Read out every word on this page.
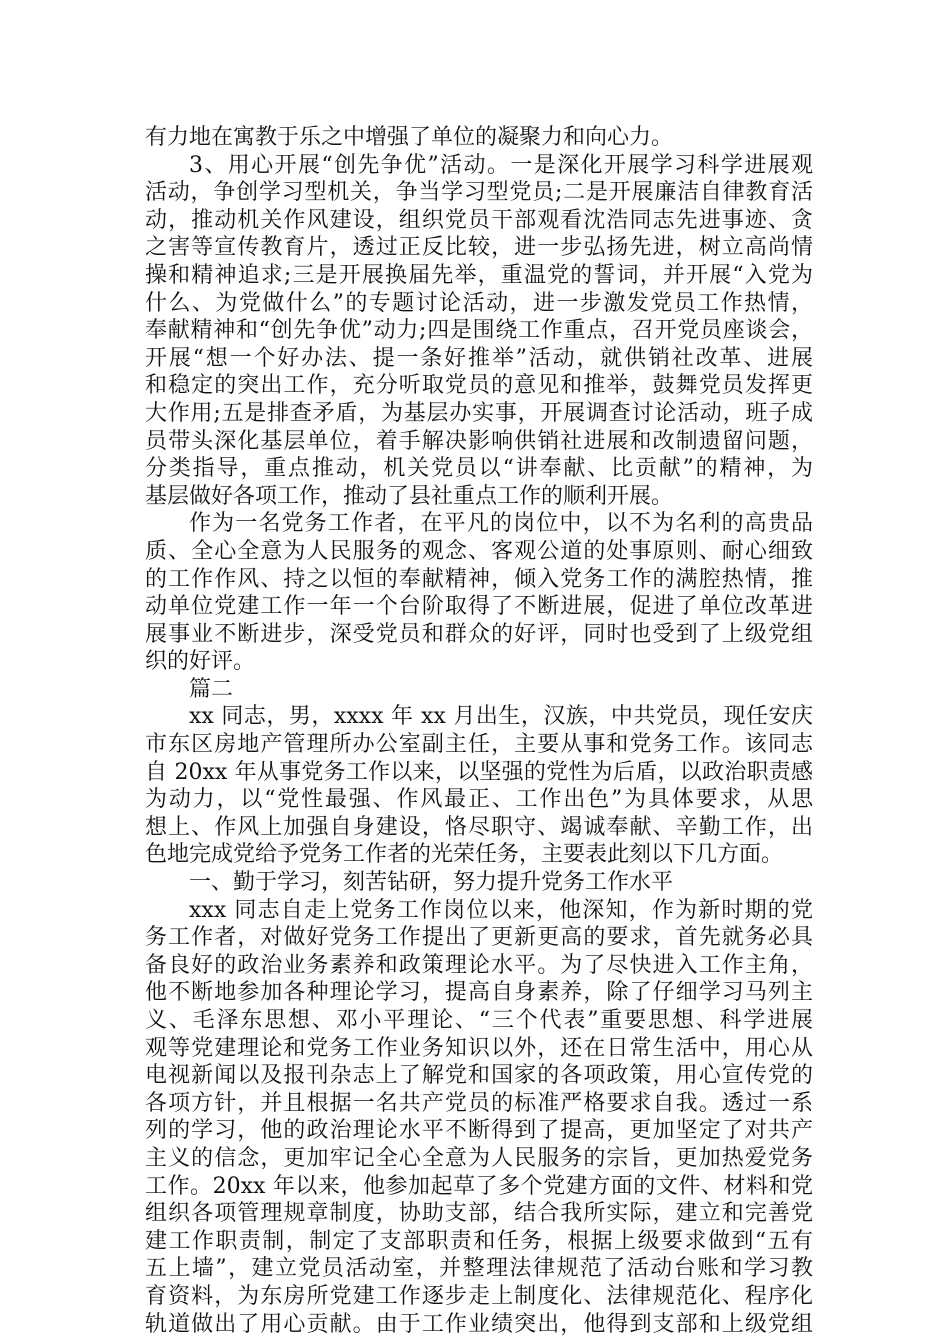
有力地在寓教于乐之中增强了单位的凝聚力和向心力。
3、用心开展“创先争优”活动。一是深化开展学习科学进展观
活动，争创学习型机关，争当学习型党员;二是开展廉洁自律教育活
动，推动机关作风建设，组织党员干部观看沈浩同志先进事迹、贪
之害等宣传教育片，透过正反比较，进一步弘扬先进，树立高尚情
操和精神追求;三是开展换届先举，重温党的誓词，并开展“入党为
什么、为党做什么”的专题讨论活动，进一步激发党员工作热情，
奉献精神和“创先争优”动力;四是围绕工作重点，召开党员座谈会，
开展“想一个好办法、提一条好推举”活动，就供销社改革、进展
和稳定的突出工作，充分听取党员的意见和推举，鼓舞党员发挥更
大作用;五是排查矛盾，为基层办实事，开展调查讨论活动，班子成
员带头深化基层单位，着手解决影响供销社进展和改制遗留问题，
分类指导，重点推动，机关党员以“讲奉献、比贡献”的精神，为
基层做好各项工作，推动了县社重点工作的顺利开展。
作为一名党务工作者，在平凡的岗位中，以不为名利的高贵品
质、全心全意为人民服务的观念、客观公道的处事原则、耐心细致
的工作作风、持之以恒的奉献精神，倾入党务工作的满腔热情，推
动单位党建工作一年一个台阶取得了不断进展，促进了单位改革进
展事业不断进步，深受党员和群众的好评，同时也受到了上级党组
织的好评。
篇二
xx 同志，男，xxxx 年 xx 月出生，汉族，中共党员，现任安庆
市东区房地产管理所办公室副主任，主要从事和党务工作。该同志
自 20xx 年从事党务工作以来，以坚强的党性为后盾，以政治职责感
为动力，以“党性最强、作风最正、工作出色”为具体要求，从思
想上、作风上加强自身建设，恪尽职守、竭诚奉献、辛勤工作，出
色地完成党给予党务工作者的光荣任务，主要表此刻以下几方面。
一、勤于学习，刻苦钻研，努力提升党务工作水平
xxx 同志自走上党务工作岗位以来，他深知，作为新时期的党
务工作者，对做好党务工作提出了更新更高的要求，首先就务必具
备良好的政治业务素养和政策理论水平。为了尽快进入工作主角，
他不断地参加各种理论学习，提高自身素养，除了仔细学习马列主
义、毛泽东思想、邓小平理论、“三个代表”重要思想、科学进展
观等党建理论和党务工作业务知识以外，还在日常生活中，用心从
电视新闻以及报刊杂志上了解党和国家的各项政策，用心宣传党的
各项方针，并且根据一名共产党员的标准严格要求自我。透过一系
列的学习，他的政治理论水平不断得到了提高，更加坚定了对共产
主义的信念，更加牢记全心全意为人民服务的宗旨，更加热爱党务
工作。20xx 年以来，他参加起草了多个党建方面的文件、材料和党
组织各项管理规章制度，协助支部，结合我所实际，建立和完善党
建工作职责制，制定了支部职责和任务，根据上级要求做到“五有
五上墙”，建立党员活动室，并整理法律规范了活动台账和学习教
育资料，为东房所党建工作逐步走上制度化、法律规范化、程序化
轨道做出了用心贡献。由于工作业绩突出，他得到支部和上级党组
